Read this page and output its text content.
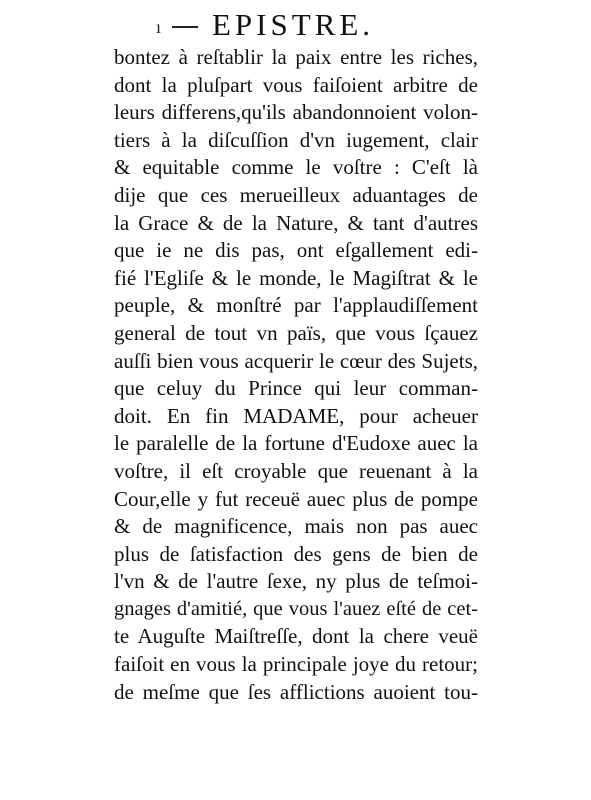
ı EPISTRE.
bontez à reſtablir la paix entre les riches,
dont la pluſpart vous faiſoient arbitre de
leurs differens,qu'ils abandonnoient volon-
tiers à la diſcuſſion d'vn iugement, clair
& equitable comme le voſtre : C'eſt là
dije que ces merueilleux aduantages de
la Grace & de la Nature, & tant d'autres
que ie ne dis pas, ont eſgallement edi-
fié l'Egliſe & le monde, le Magiſtrat & le
peuple, & monſtré par l'applaudiſſement
general de tout vn païs, que vous ſçauez
auſſi bien vous acquerir le cœur des Sujets,
que celuy du Prince qui leur comman-
doit. En fin MADAME, pour acheuer
le paralelle de la fortune d'Eudoxe auec la
voſtre, il eſt croyable que reuenant à la
Cour,elle y fut receuë auec plus de pompe
& de magnificence, mais non pas auec
plus de ſatisfaction des gens de bien de
l'vn & de l'autre ſexe, ny plus de teſmoi-
gnages d'amitié, que vous l'auez eſté de cet-
te Auguſte Maiſtreſſe, dont la chere veuë
faiſoit en vous la principale joye du retour;
de meſme que ſes afflictions auoient tou-
